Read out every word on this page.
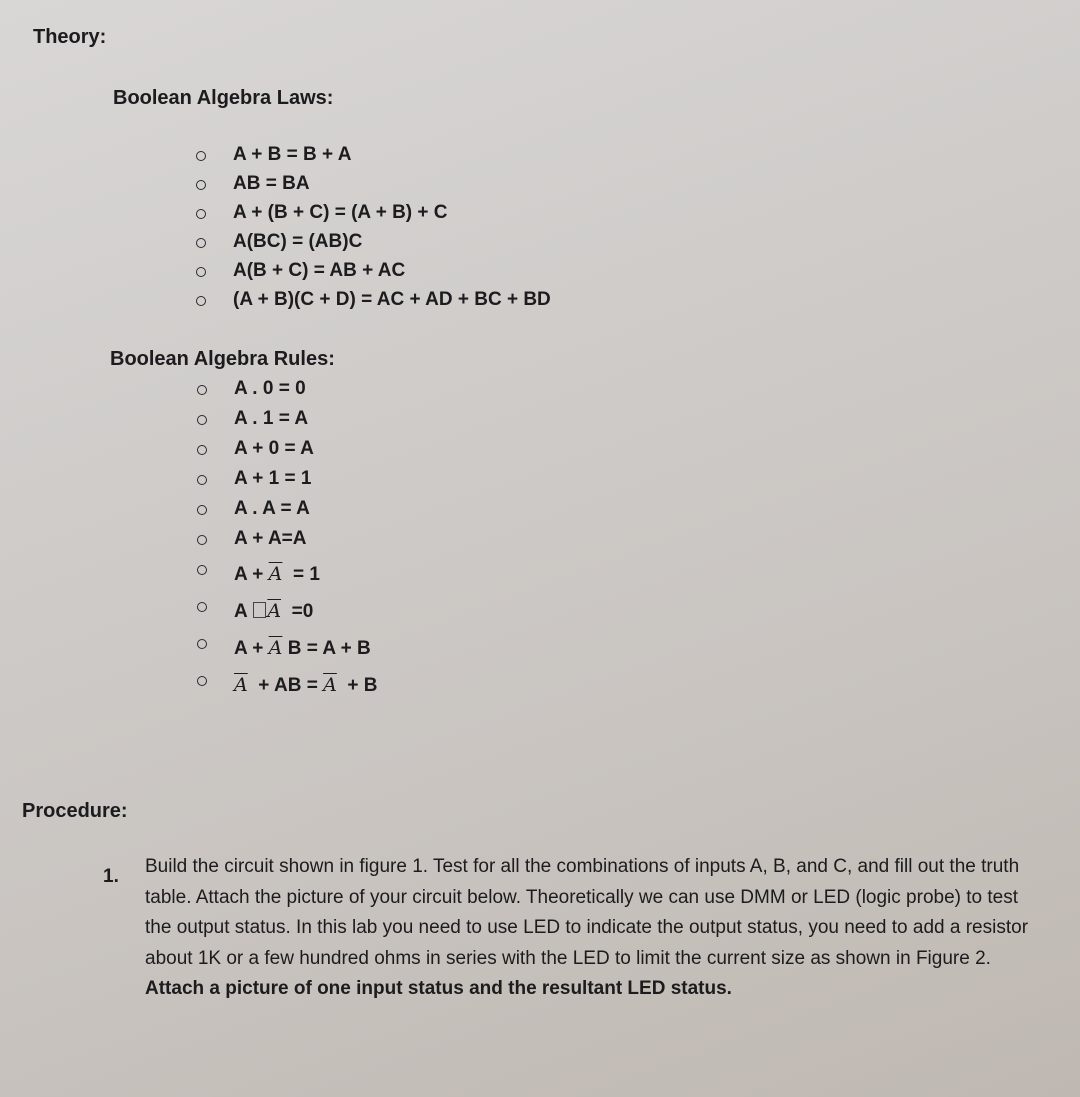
Theory:
Boolean Algebra Laws:
A + B = B + A
AB = BA
A + (B + C) = (A + B) + C
A(BC) = (AB)C
A(B + C) = AB + AC
(A + B)(C + D) = AC + AD + BC + BD
Boolean Algebra Rules:
A . 0 = 0
A . 1 = A
A + 0 = A
A + 1 = 1
A . A = A
A + A=A
$A + \overline{A} = 1$
A $\overline{A} =0$
$A + \overline{A}$ B = A + B
$\overline{A}$ + AB = $\overline{A} + B$
Procedure:
1. Build the circuit shown in figure 1. Test for all the combinations of inputs A, B, and C, and fill out the truth table. Attach the picture of your circuit below. Theoretically we can use DMM or LED (logic probe) to test the output status. In this lab you need to use LED to indicate the output status, you need to add a resistor about 1K or a few hundred ohms in series with the LED to limit the current size as shown in Figure 2. Attach a picture of one input status and the resultant LED status.
